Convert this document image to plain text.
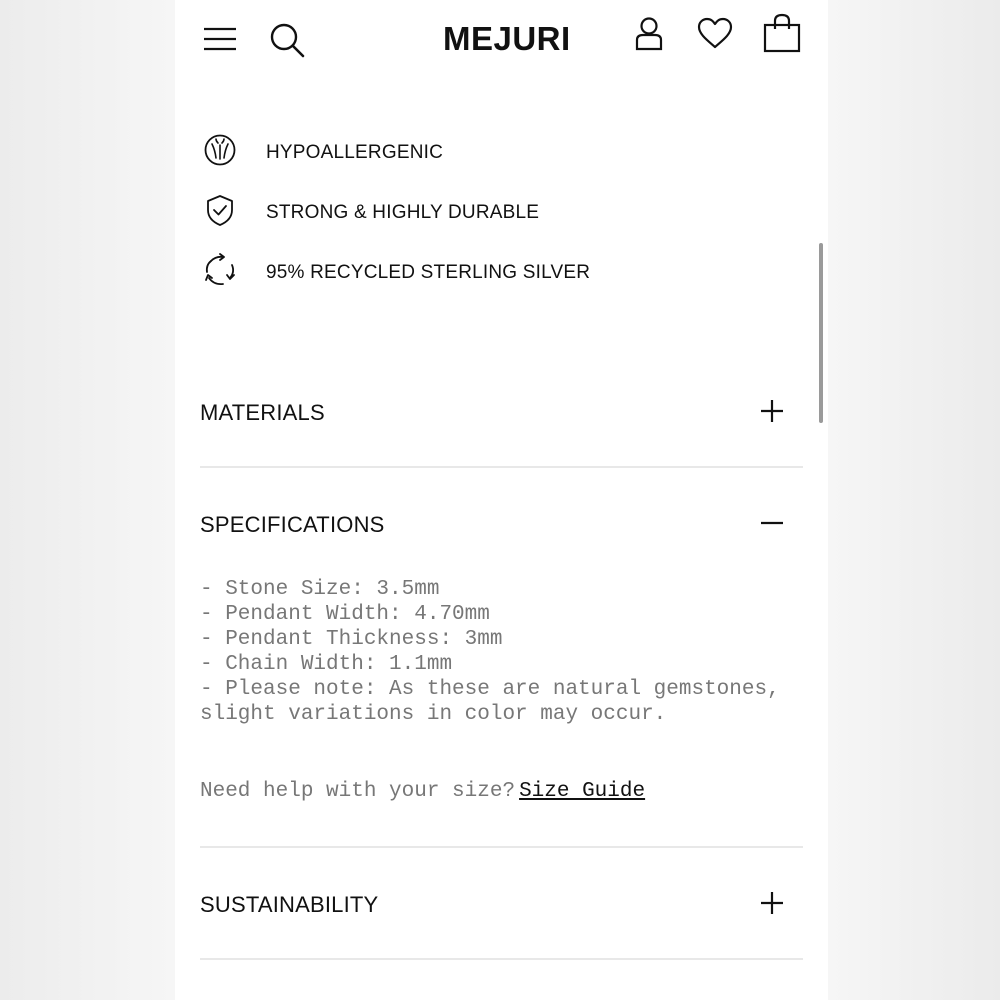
MEJURI
HYPOALLERGENIC
STRONG & HIGHLY DURABLE
95% RECYCLED STERLING SILVER
MATERIALS
SPECIFICATIONS
- Stone Size: 3.5mm
- Pendant Width: 4.70mm
- Pendant Thickness: 3mm
- Chain Width: 1.1mm
- Please note: As these are natural gemstones, slight variations in color may occur.
Need help with your size? Size Guide
SUSTAINABILITY
